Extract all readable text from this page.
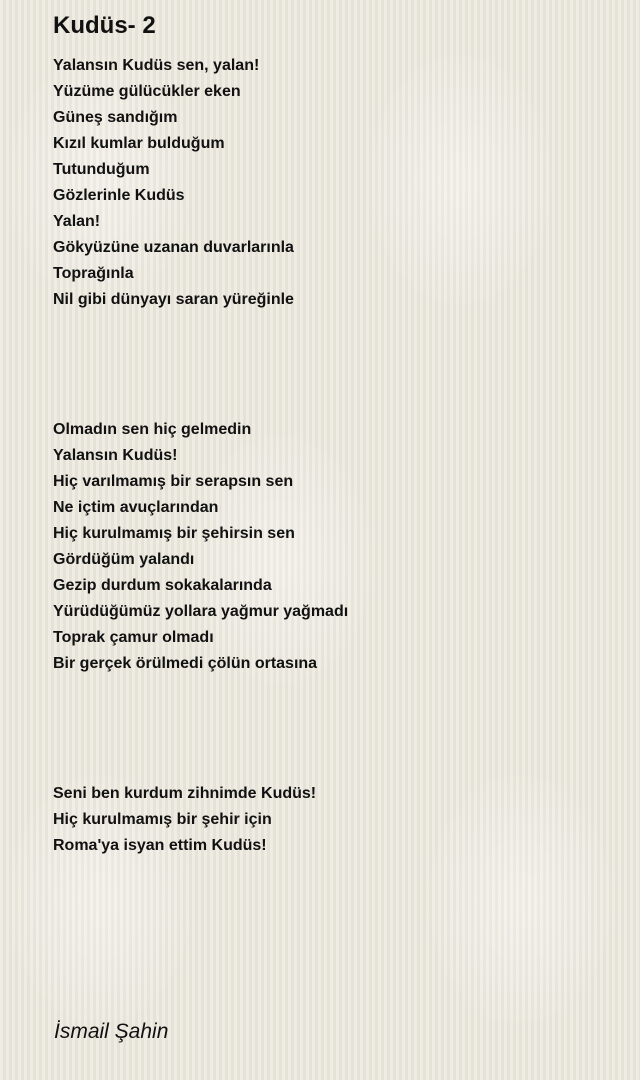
Kudüs- 2
Yalansın Kudüs sen, yalan!
Yüzüme gülücükler eken
Güneş sandığım
Kızıl kumlar bulduğum
Tutunduğum
Gözlerinle Kudüs
Yalan!
Gökyüzüne uzanan duvarlarınla
Toprağınla
Nil gibi dünyayı saran yüreğinle
Olmadın sen hiç gelmedin
Yalansın Kudüs!
Hiç varılmamış bir serapsın sen
Ne içtim avuçlarından
Hiç kurulmamış bir şehirsin sen
Gördüğüm yalandı
Gezip durdum sokakalarında
Yürüdüğümüz yollara yağmur yağmadı
Toprak çamur olmadı
Bir gerçek örülmedi çölün ortasına
Seni ben kurdum zihnimde Kudüs!
Hiç kurulmamış bir şehir için
Roma'ya isyan ettim Kudüs!
İsmail Şahin
